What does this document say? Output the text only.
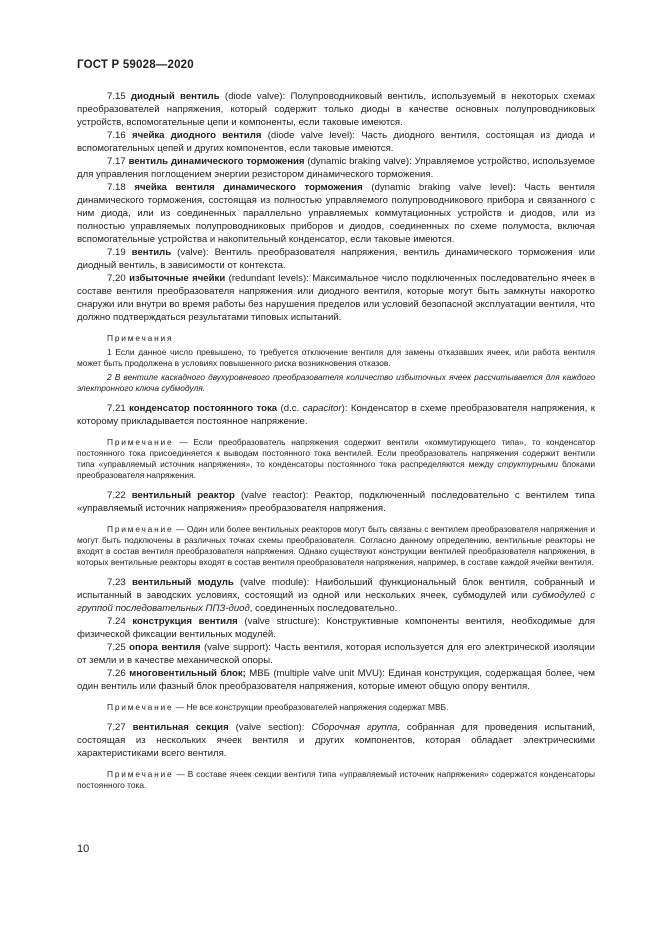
ГОСТ Р 59028—2020

7.15 диодный вентиль (diode valve): Полупроводниковый вентиль, используемый в некоторых схемах преобразователей напряжения, который содержит только диоды в качестве основных полупроводниковых устройств, вспомогательные цепи и компоненты, если таковые имеются.

7.16 ячейка диодного вентиля (diode valve level): Часть диодного вентиля, состоящая из диода и вспомогательных цепей и других компонентов, если таковые имеются.

7.17 вентиль динамического торможения (dynamic braking valve): Управляемое устройство, используемое для управления поглощением энергии резистором динамического торможения.

7.18 ячейка вентиля динамического торможения (dynamic braking valve level): Часть вентиля динамического торможения, состоящая из полностью управляемого полупроводникового прибора и связанного с ним диода, или из соединенных параллельно управляемых коммутационных устройств и диодов, или из полностью управляемых полупроводниковых приборов и диодов, соединенных по схеме полумоста, включая вспомогательные устройства и накопительный конденсатор, если таковые имеются.

7.19 вентиль (valve): Вентиль преобразователя напряжения, вентиль динамического торможения или диодный вентиль, в зависимости от контекста.

7.20 избыточные ячейки (redundant levels): Максимальное число подключенных последовательно ячеек в составе вентиля преобразователя напряжения или диодного вентиля, которые могут быть замкнуты накоротко снаружи или внутри во время работы без нарушения пределов или условий безопасной эксплуатации вентиля, что должно подтверждаться результатами типовых испытаний.

Примечания

1 Если данное число превышено, то требуется отключение вентиля для замены отказавших ячеек, или работа вентиля может быть продолжена в условиях повышенного риска возникновения отказов.

2 В вентиле каскадного двухуровневого преобразователя количество избыточных ячеек рассчитывается для каждого электронного ключа субмодуля.

7.21 конденсатор постоянного тока (d.c. capacitor): Конденсатор в схеме преобразователя напряжения, к которому прикладывается постоянное напряжение.

Примечание — Если преобразователь напряжения содержит вентили «коммутирующего типа», то конденсатор постоянного тока присоединяется к выводам постоянного тока вентилей. Если преобразователь напряжения содержит вентили типа «управляемый источник напряжения», то конденсаторы постоянного тока распределяются между структурными блоками преобразователя напряжения.

7.22 вентильный реактор (valve reactor): Реактор, подключенный последовательно с вентилем типа «управляемый источник напряжения» преобразователя напряжения.

Примечание — Один или более вентильных реакторов могут быть связаны с вентилем преобразователя напряжения и могут быть подключены в различных точках схемы преобразователя. Согласно данному определению, вентильные реакторы не входят в состав вентиля преобразователя напряжения. Однако существуют конструкции вентилей преобразователя напряжения, в которых вентильные реакторы входят в состав вентиля преобразователя напряжения, например, в составе каждой ячейки вентиля.

7.23 вентильный модуль (valve module): Наибольший функциональный блок вентиля, собранный и испытанный в заводских условиях, состоящий из одной или нескольких ячеек, субмодулей или субмодулей с группой последовательных ППЗ-диод, соединенных последовательно.

7.24 конструкция вентиля (valve structure): Конструктивные компоненты вентиля, необходимые для физической фиксации вентильных модулей.

7.25 опора вентиля (valve support): Часть вентиля, которая используется для его электрической изоляции от земли и в качестве механической опоры.

7.26 многовентильный блок; МВБ (multiple valve unit MVU): Единая конструкция, содержащая более, чем один вентиль или фазный блок преобразователя напряжения, которые имеют общую опору вентиля.

Примечание — Не все конструкции преобразователей напряжения содержат МВБ.

7.27 вентильная секция (valve section): Сборочная группа, собранная для проведения испытаний, состоящая из нескольких ячеек вентиля и других компонентов, которая обладает электрическими характеристиками всего вентиля.

Примечание — В составе ячеек секции вентиля типа «управляемый источник напряжения» содержатся конденсаторы постоянного тока.

10
